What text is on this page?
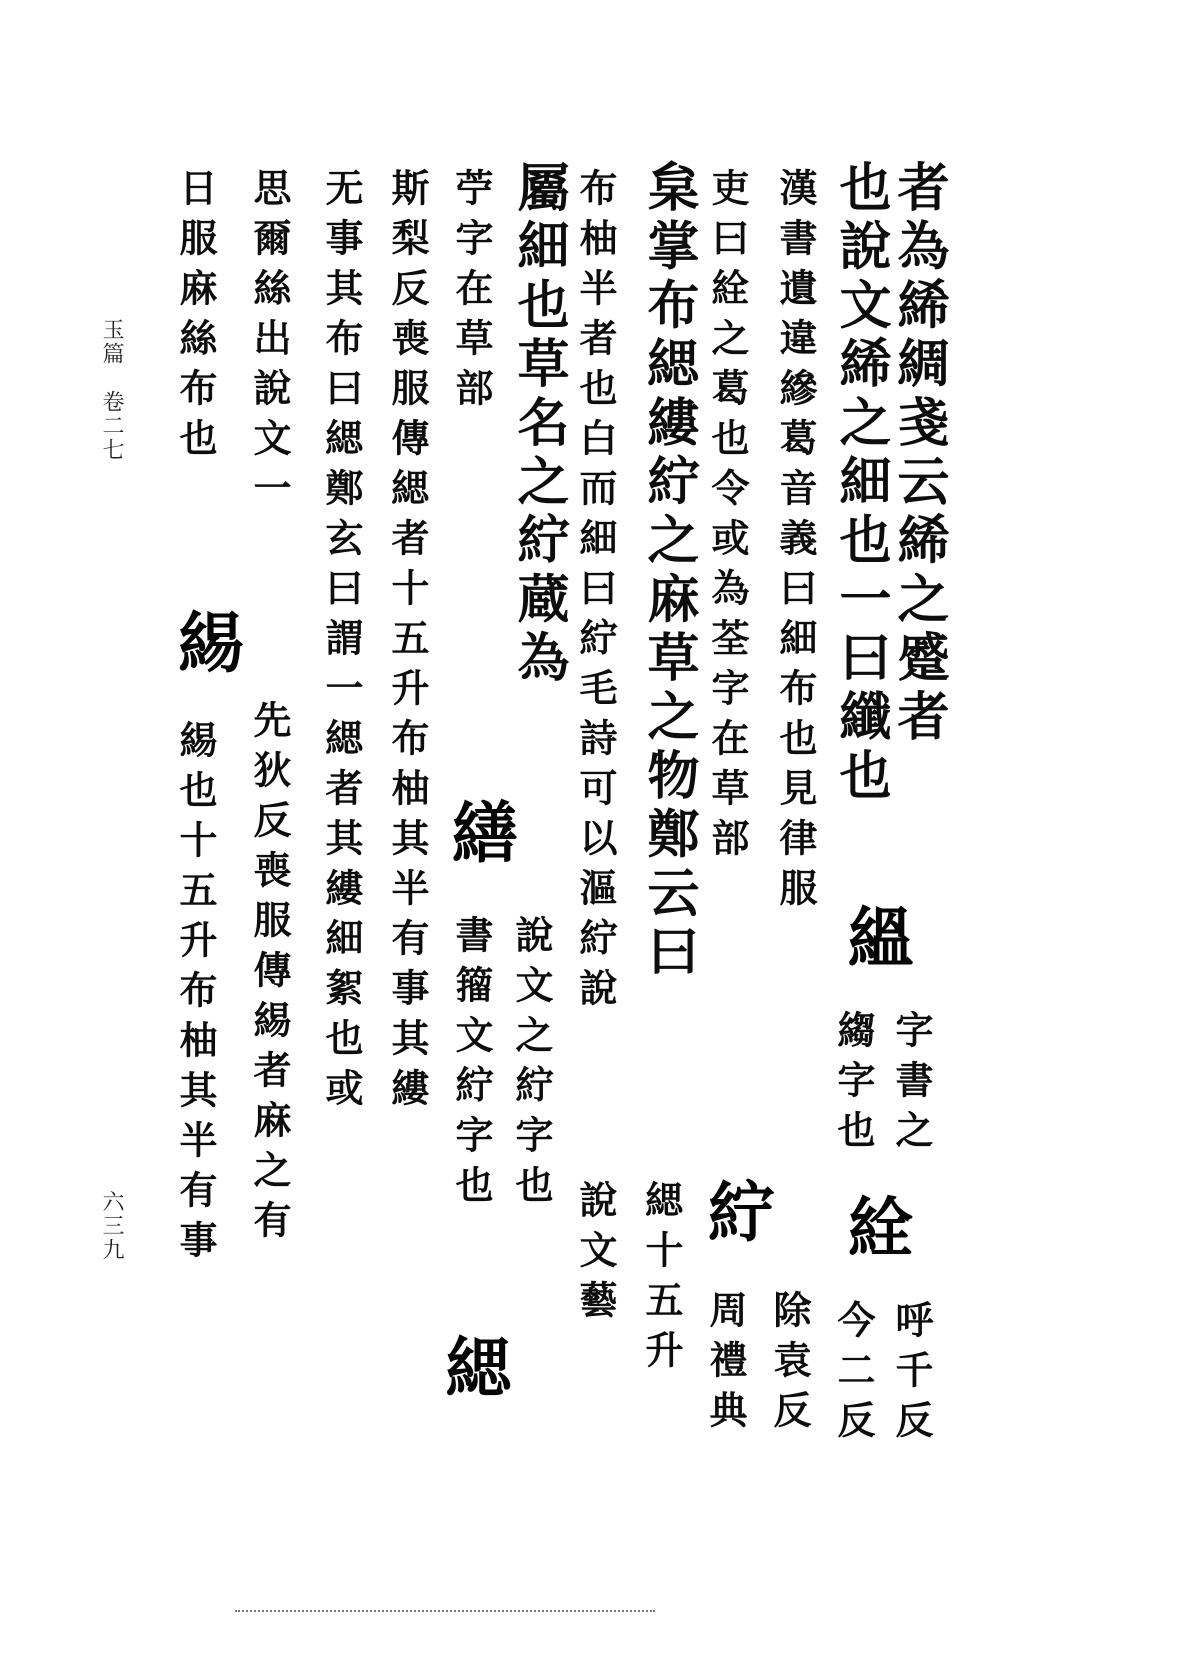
玉篇　卷二七
六三九
者為絺綢戔云絺之蹙者
也說文絺之細也一曰纖也
漢書遺違縿葛音義曰細布也見律服
吏曰絟之葛也令或為荃字在草部
枲掌布緦縷紵之麻草之物鄭云曰
布柚半者也白而細曰紵毛詩可以漚紵說
屬細也草名之紵蔵為
苧字在草部
斯梨反喪服傳緦者十五升布柚其半有事其縷
无事其布曰緦鄭玄曰謂一緦者其縷細絮也或
思爾絲出說文一
日服麻絲布也
縕
絟
紵
繕
緦
緆
字書之
縐字也
呼千反
今二反
除袁反
周禮典
緦十五升
說文藝
說文之紵字也
書籀文紵字也
先狄反喪服傳緆者麻之有
緆也十五升布柚其半有事
